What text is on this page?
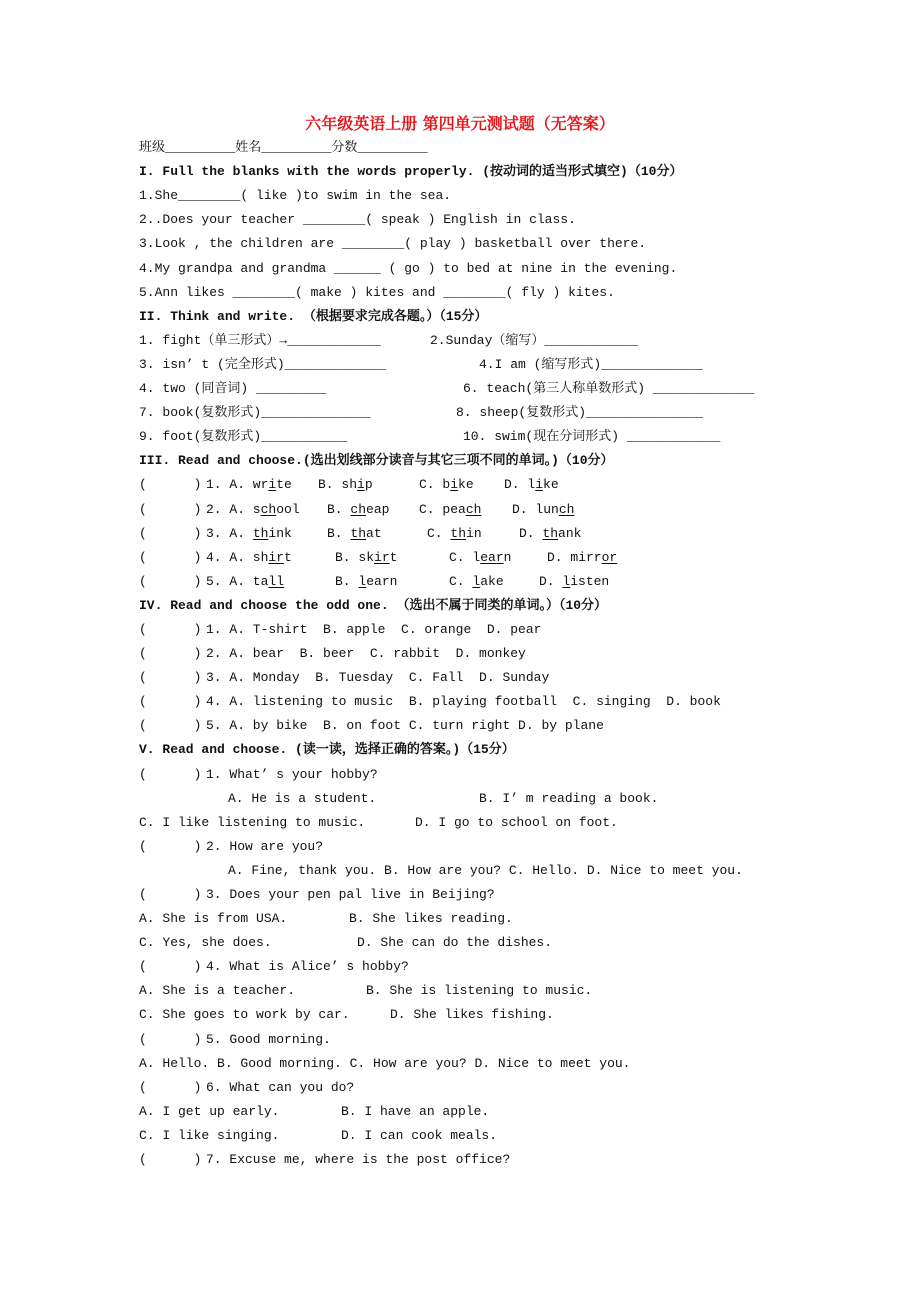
六年级英语上册 第四单元测试题（无答案）
班级_________姓名_________分数_________
I. Full the blanks with the words properly. (按动词的适当形式填空)（10分）
1.She________( like )to swim in the sea.
2..Does your teacher ________( speak ) English in class.
3.Look , the children are ________( play ) basketball over there.
4.My grandpa and grandma ______ ( go ) to bed at nine in the evening.
5.Ann likes ________( make ) kites and ________( fly ) kites.
II. Think and write. （根据要求完成各题。）（15分）
1. fight（单三形式）→____________	2.Sunday（缩写）____________
3. isn’ t (完全形式)_____________	4.I am (缩写形式)_____________
4. two (同音词) _________	6. teach(第三人称单数形式) _____________
7. book(复数形式)______________	8. sheep(复数形式)_______________
9. foot(复数形式)___________	10. swim(现在分词形式) ____________
III. Read and choose.(选出划线部分读音与其它三项不同的单词。)（10分）
(      ) 1. A. write B. ship	C. bike D. like
(      ) 2. A. school B. cheap C. peach D. lunch
(      ) 3. A. think	B. that	C. thin	D. thank
(      ) 4. A. shirt	B. skirt	C. learn	D. mirror
(      ) 5. A. tall	B. learn	C. lake	D. listen
IV. Read and choose the odd one. （选出不属于同类的单词。）（10分）
(      ) 1. A. T-shirt  B. apple  C. orange  D. pear
(      ) 2. A. bear  B. beer  C. rabbit  D. monkey
(      ) 3. A. Monday  B. Tuesday  C. Fall  D. Sunday
(      ) 4. A. listening to music  B. playing football  C. singing  D. book
(      ) 5. A. by bike  B. on foot C. turn right D. by plane
V. Read and choose. (读一读，选择正确的答案。)（15分）
(      ) 1. What’ s your hobby?
A. He is a student.	B. I’ m reading a book.
C. I like listening to music.	D. I go to school on foot.
(      ) 2. How are you?
A. Fine, thank you. B. How are you? C. Hello. D. Nice to meet you.
(      ) 3. Does your pen pal live in Beijing?
A. She is from USA.	B. She likes reading.
C. Yes, she does.	D. She can do the dishes.
(      ) 4. What is Alice’ s hobby?
A. She is a teacher.	B. She is listening to music.
C. She goes to work by car.	D. She likes fishing.
(      ) 5. Good morning.
A. Hello. B. Good morning. C. How are you? D. Nice to meet you.
(      ) 6. What can you do?
A. I get up early.	B. I have an apple.
C. I like singing.	D. I can cook meals.
(      ) 7. Excuse me, where is the post office?
